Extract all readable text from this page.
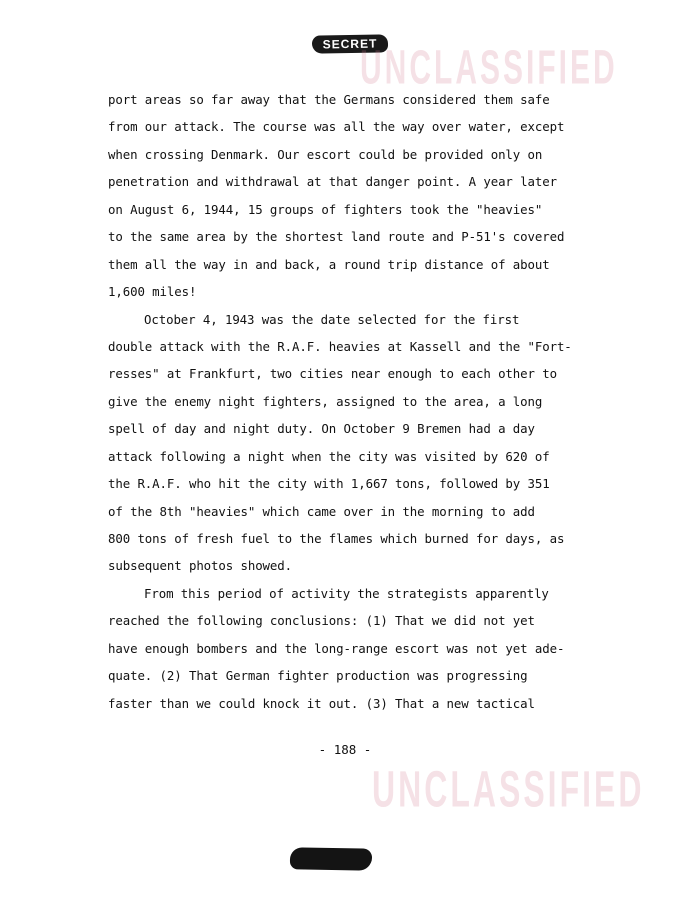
SECRET
UNCLASSIFIED
port areas so far away that the Germans considered them safe
from our attack. The course was all the way over water, except
when crossing Denmark. Our escort could be provided only on
penetration and withdrawal at that danger point. A year later
on August 6, 1944, 15 groups of fighters took the "heavies"
to the same area by the shortest land route and P-51's covered
them all the way in and back, a round trip distance of about
1,600 miles!
October 4, 1943 was the date selected for the first
double attack with the R.A.F. heavies at Kassell and the "Fort-
resses" at Frankfurt, two cities near enough to each other to
give the enemy night fighters, assigned to the area, a long
spell of day and night duty. On October 9 Bremen had a day
attack following a night when the city was visited by 620 of
the R.A.F. who hit the city with 1,667 tons, followed by 351
of the 8th "heavies" which came over in the morning to add
800 tons of fresh fuel to the flames which burned for days, as
subsequent photos showed.
From this period of activity the strategists apparently
reached the following conclusions: (1) That we did not yet
have enough bombers and the long-range escort was not yet ade-
quate. (2) That German fighter production was progressing
faster than we could knock it out. (3) That a new tactical
- 188 -
UNCLASSIFIED
